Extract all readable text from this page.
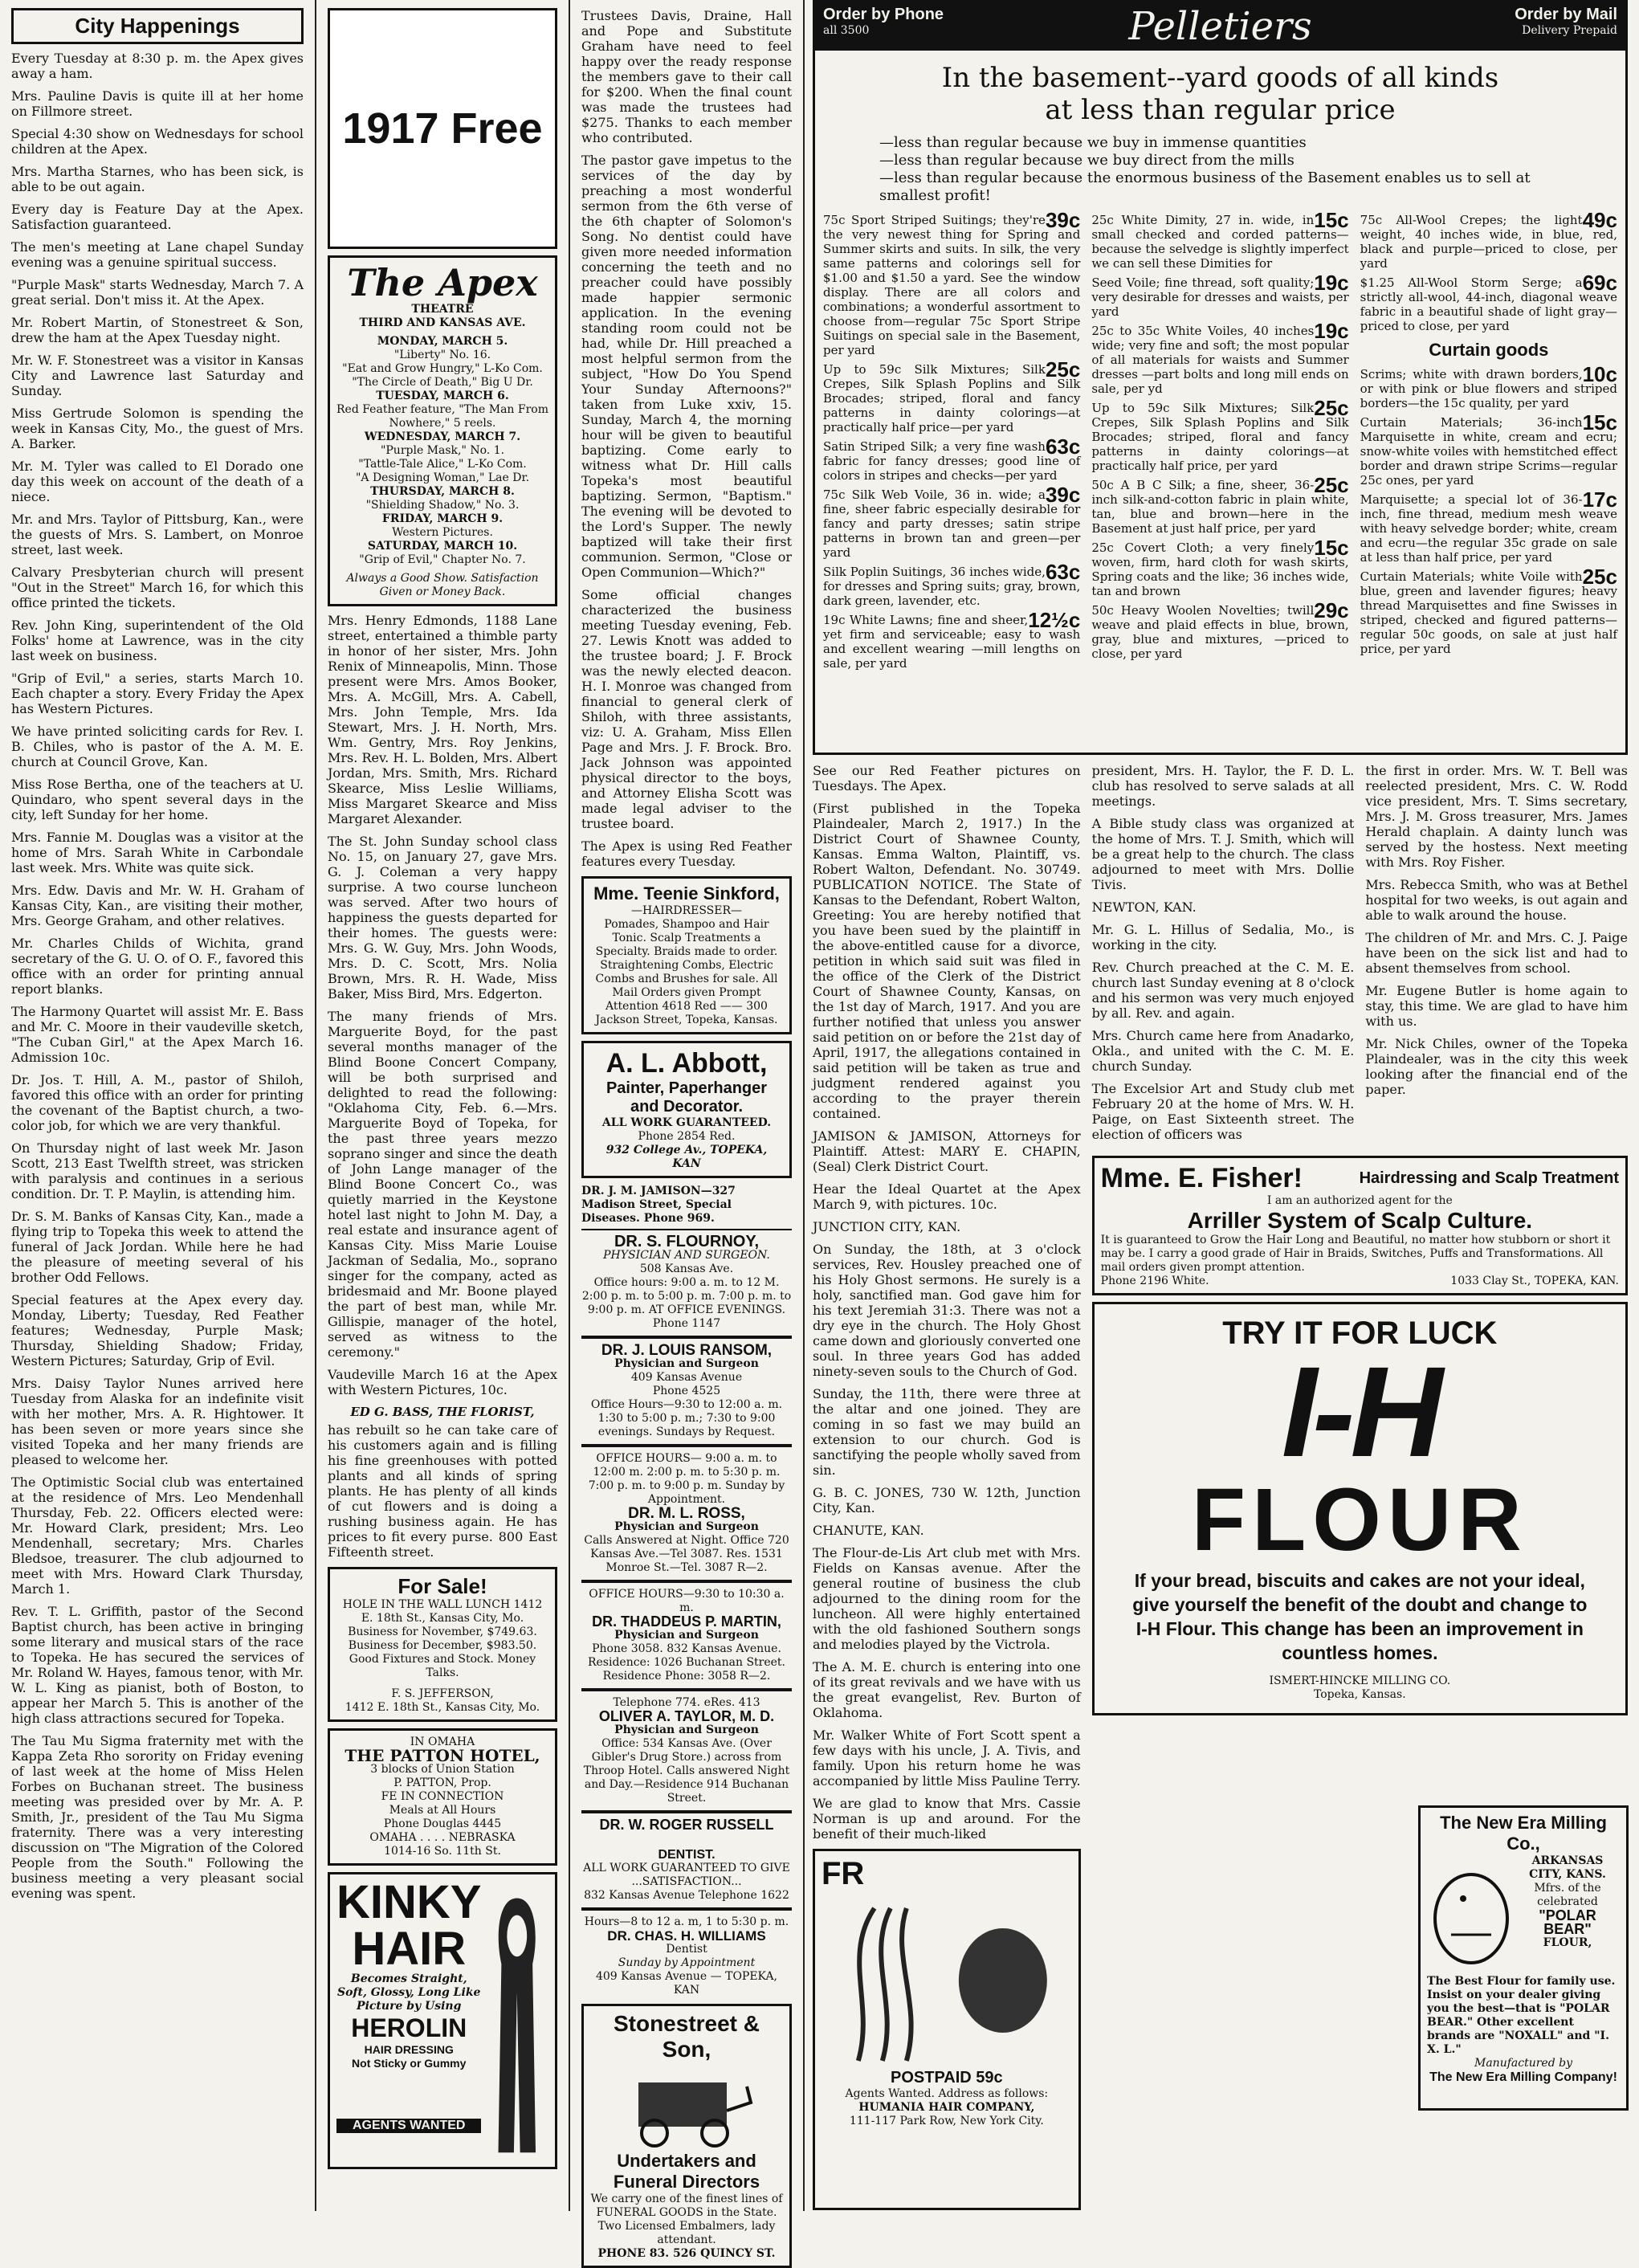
City Happenings

Every Tuesday at 8:30 p. m. the Apex gives away a ham.

Mrs. Pauline Davis is quite ill at her home on Fillmore street.

Special 4:30 show on Wednesdays for school children at the Apex.

Mrs. Martha Starnes, who has been sick, is able to be out again.

Every day is Feature Day at the Apex. Satisfaction guaranteed.

The men's meeting at Lane chapel Sunday evening was a genuine spiritual success.

"Purple Mask" starts Wednesday, March 7. A great serial. Don't miss it. At the Apex.

Mr. Robert Martin, of Stonestreet & Son, drew the ham at the Apex Tuesday night.

Mr. W. F. Stonestreet was a visitor in Kansas City and Lawrence last Saturday and Sunday.

Miss Gertrude Solomon is spending the week in Kansas City, Mo., the guest of Mrs. A. Barker.

Mr. M. Tyler was called to El Dorado one day this week on account of the death of a niece.

Mr. and Mrs. Taylor of Pittsburg, Kan., were the guests of Mrs. S. Lambert, on Monroe street, last week.

Calvary Presbyterian church will present "Out in the Street" March 16, for which this office printed the tickets.

Rev. John King, superintendent of the Old Folks' home at Lawrence, was in the city last week on business.

"Grip of Evil," a series, starts March 10. Each chapter a story. Every Friday the Apex has Western Pictures.

We have printed soliciting cards for Rev. I. B. Chiles, who is pastor of the A. M. E. church at Council Grove, Kan.

Miss Rose Bertha, one of the teachers at U. Quindaro, who spent several days in the city, left Sunday for her home.

Mrs. Fannie M. Douglas was a visitor at the home of Mrs. Sarah White in Carbondale last week. Mrs. White was quite sick.

Mrs. Edw. Davis and Mr. W. H. Graham of Kansas City, Kan., are visiting their mother, Mrs. George Graham, and other relatives.

Mr. Charles Childs of Wichita, grand secretary of the G. U. O. of O. F., favored this office with an order for printing annual report blanks.

The Harmony Quartet will assist Mr. E. Bass and Mr. C. Moore in their vaudeville sketch, "The Cuban Girl," at the Apex March 16. Admission 10c.

Dr. Jos. T. Hill, A. M., pastor of Shiloh, favored this office with an order for printing the covenant of the Baptist church, a two-color job, for which we are very thankful.

On Thursday night of last week Mr. Jason Scott, 213 East Twelfth street, was stricken with paralysis and continues in a serious condition. Dr. T. P. Maylin, is attending him.

Dr. S. M. Banks of Kansas City, Kan., made a flying trip to Topeka this week to attend the funeral of Jack Jordan. While here he had the pleasure of meeting several of his brother Odd Fellows.

Special features at the Apex every day. Monday, Liberty; Tuesday, Red Feather features; Wednesday, Purple Mask; Thursday, Shielding Shadow; Friday, Western Pictures; Saturday, Grip of Evil.

Mrs. Daisy Taylor Nunes arrived here Tuesday from Alaska for an indefinite visit with her mother, Mrs. A. R. Hightower. It has been seven or more years since she visited Topeka and her many friends are pleased to welcome her.

The Optimistic Social club was entertained at the residence of Mrs. Leo Mendenhall Thursday, Feb. 22. Officers elected were: Mr. Howard Clark, president; Mrs. Leo Mendenhall, secretary; Mrs. Charles Bledsoe, treasurer. The club adjourned to meet with Mrs. Howard Clark Thursday, March 1.

Rev. T. L. Griffith, pastor of the Second Baptist church, has been active in bringing some literary and musical stars of the race to Topeka. He has secured the services of Mr. Roland W. Hayes, famous tenor, with Mr. W. L. King as pianist, both of Boston, to appear her March 5. This is another of the high class attractions secured for Topeka.

The Tau Mu Sigma fraternity met with the Kappa Zeta Rho sorority on Friday evening of last week at the home of Miss Helen Forbes on Buchanan street. The business meeting was presided over by Mr. A. P. Smith, Jr., president of the Tau Mu Sigma fraternity. There was a very interesting discussion on "The Migration of the Colored People from the South." Following the business meeting a very pleasant social evening was spent.

1917 Free
The Apex
THEATRE
THIRD AND KANSAS AVE.
MONDAY, MARCH 5.
"Liberty" No. 16.
"Eat and Grow Hungry," L-Ko Com.
"The Circle of Death," Big U Dr.
TUESDAY, MARCH 6.
Red Feather feature, "The Man From Nowhere," 5 reels.
WEDNESDAY, MARCH 7.
"Purple Mask," No. 1.
"Tattle-Tale Alice," L-Ko Com.
"A Designing Woman," Lae Dr.
THURSDAY, MARCH 8.
"Shielding Shadow," No. 3.
FRIDAY, MARCH 9.
Western Pictures.
SATURDAY, MARCH 10.
"Grip of Evil," Chapter No. 7.
Always a Good Show. Satisfaction Given or Money Back.

Mrs. Henry Edmonds, 1188 Lane street, entertained a thimble party in honor of her sister, Mrs. John Renix of Minneapolis, Minn. Those present were Mrs. Amos Booker, Mrs. A. McGill, Mrs. A. Cabell, Mrs. John Temple, Mrs. Ida Stewart, Mrs. J. H. North, Mrs. Wm. Gentry, Mrs. Roy Jenkins, Mrs. Rev. H. L. Bolden, Mrs. Albert Jordan, Mrs. Smith, Mrs. Richard Skearce, Miss Leslie Williams, Miss Margaret Skearce and Miss Margaret Alexander.

The St. John Sunday school class No. 15, on January 27, gave Mrs. G. J. Coleman a very happy surprise. A two course luncheon was served. After two hours of happiness the guests departed for their homes. The guests were: Mrs. G. W. Guy, Mrs. John Woods, Mrs. D. C. Scott, Mrs. Nolia Brown, Mrs. R. H. Wade, Miss Baker, Miss Bird, Mrs. Edgerton.

The many friends of Mrs. Marguerite Boyd, for the past several months manager of the Blind Boone Concert Company, will be both surprised and delighted to read the following: "Oklahoma City, Feb. 6.—Mrs. Marguerite Boyd of Topeka, for the past three years mezzo soprano singer and since the death of John Lange manager of the Blind Boone Concert Co., was quietly married in the Keystone hotel last night to John M. Day, a real estate and insurance agent of Kansas City. Miss Marie Louise Jackman of Sedalia, Mo., soprano singer for the company, acted as bridesmaid and Mr. Boone played the part of best man, while Mr. Gillispie, manager of the hotel, served as witness to the ceremony."

Vaudeville March 16 at the Apex with Western Pictures, 10c.

ED G. BASS, THE FLORIST,

has rebuilt so he can take care of his customers again and is filling his fine greenhouses with potted plants and all kinds of spring plants. He has plenty of all kinds of cut flowers and is doing a rushing business again. He has prices to fit every purse. 800 East Fifteenth street.

For Sale!

HOLE IN THE WALL LUNCH 1412 E. 18th St., Kansas City, Mo. Business for November, $749.63. Business for December, $983.50. Good Fixtures and Stock. Money Talks.

F. S. JEFFERSON,
1412 E. 18th St., Kansas City, Mo.
IN OMAHA
THE PATTON HOTEL,
3 blocks of Union Station
P. PATTON, Prop.
FE IN CONNECTION
Meals at All Hours
Phone Douglas 4445
OMAHA . . . . NEBRASKA
1014-16 So. 11th St.
KINKY
HAIR
Becomes Straight, Soft, Glossy, Long Like Picture by Using
HEROLIN
HAIR DRESSING
Not Sticky or Gummy
AGENTS WANTED

Trustees Davis, Draine, Hall and Pope and Substitute Graham have need to feel happy over the ready response the members gave to their call for $200. When the final count was made the trustees had $275. Thanks to each member who contributed.

The pastor gave impetus to the services of the day by preaching a most wonderful sermon from the 6th verse of the 6th chapter of Solomon's Song. No dentist could have given more needed information concerning the teeth and no preacher could have possibly made happier sermonic application. In the evening standing room could not be had, while Dr. Hill preached a most helpful sermon from the subject, "How Do You Spend Your Sunday Afternoons?" taken from Luke xxiv, 15. Sunday, March 4, the morning hour will be given to beautiful baptizing. Come early to witness what Dr. Hill calls Topeka's most beautiful baptizing. Sermon, "Baptism." The evening will be devoted to the Lord's Supper. The newly baptized will take their first communion. Sermon, "Close or Open Communion—Which?"

Some official changes characterized the business meeting Tuesday evening, Feb. 27. Lewis Knott was added to the trustee board; J. F. Brock was the newly elected deacon. H. I. Monroe was changed from financial to general clerk of Shiloh, with three assistants, viz: U. A. Graham, Miss Ellen Page and Mrs. J. F. Brock. Bro. Jack Johnson was appointed physical director to the boys, and Attorney Elisha Scott was made legal adviser to the trustee board.

The Apex is using Red Feather features every Tuesday.

Mme. Teenie Sinkford,
—HAIRDRESSER—
Pomades, Shampoo and Hair Tonic. Scalp Treatments a Specialty. Braids made to order. Straightening Combs, Electric Combs and Brushes for sale. All Mail Orders given Prompt Attention 4618 Red —— 300 Jackson Street, Topeka, Kansas.
A. L. Abbott,
Painter, Paperhanger and Decorator.
ALL WORK GUARANTEED.
Phone 2854 Red.
932 College Av., TOPEKA, KAN
DR. J. M. JAMISON—327 Madison Street, Special Diseases. Phone 969.
DR. S. FLOURNOY,
PHYSICIAN AND SURGEON.
508 Kansas Ave.
Office hours: 9:00 a. m. to 12 M. 2:00 p. m. to 5:00 p. m. 7:00 p. m. to 9:00 p. m. AT OFFICE EVENINGS.
Phone 1147
DR. J. LOUIS RANSOM,
Physician and Surgeon
409 Kansas Avenue
Phone 4525
Office Hours—9:30 to 12:00 a. m. 1:30 to 5:00 p. m.; 7:30 to 9:00 evenings. Sundays by Request.
OFFICE HOURS— 9:00 a. m. to 12:00 m. 2:00 p. m. to 5:30 p. m. 7:00 p. m. to 9:00 p. m. Sunday by Appointment.
DR. M. L. ROSS,
Physician and Surgeon
Calls Answered at Night. Office 720 Kansas Ave.—Tel 3087. Res. 1531 Monroe St.—Tel. 3087 R—2.
OFFICE HOURS—9:30 to 10:30 a. m.
DR. THADDEUS P. MARTIN,
Physician and Surgeon
Phone 3058. 832 Kansas Avenue. Residence: 1026 Buchanan Street. Residence Phone: 3058 R—2.
Telephone 774. eRes. 413
OLIVER A. TAYLOR, M. D.
Physician and Surgeon
Office: 534 Kansas Ave. (Over Gibler's Drug Store.) across from Throop Hotel. Calls answered Night and Day.—Residence 914 Buchanan Street.
DR. W. ROGER RUSSELL
DENTIST.
ALL WORK GUARANTEED TO GIVE ...SATISFACTION...
832 Kansas Avenue Telephone 1622
Hours—8 to 12 a. m, 1 to 5:30 p. m.
DR. CHAS. H. WILLIAMS
Dentist
Sunday by Appointment
409 Kansas Avenue — TOPEKA, KAN
Stonestreet & Son,
Undertakers and Funeral Directors
We carry one of the finest lines of FUNERAL GOODS in the State. Two Licensed Embalmers, lady attendant.
PHONE 83. 526 QUINCY ST.
Order by Phone
all 3500	Pelletiers	Order by Mail
Delivery Prepaid
In the basement--yard goods of all kinds
at less than regular price
—less than regular because we buy in immense quantities
—less than regular because we buy direct from the mills
—less than regular because the enormous business of the Basement enables us to sell at smallest profit!
39c
75c Sport Striped Suitings; they're the very newest thing for Spring and Summer skirts and suits. In silk, the very same patterns and colorings sell for $1.00 and $1.50 a yard. See the window display. There are all colors and combinations; a wonderful assortment to choose from—regular 75c Sport Stripe Suitings on special sale in the Basement, per yard
25c
Up to 59c Silk Mixtures; Silk Crepes, Silk Splash Poplins and Silk Brocades; striped, floral and fancy patterns in dainty colorings—at practically half price—per yard
63c
Satin Striped Silk; a very fine wash fabric for fancy dresses; good line of colors in stripes and checks—per yard
39c
75c Silk Web Voile, 36 in. wide; a fine, sheer fabric especially desirable for fancy and party dresses; satin stripe patterns in brown tan and green—per yard
63c
Silk Poplin Suitings, 36 inches wide, for dresses and Spring suits; gray, brown, dark green, lavender, etc.
12½c
19c White Lawns; fine and sheer, yet firm and serviceable; easy to wash and excellent wearing —mill lengths on sale, per yard
15c
25c White Dimity, 27 in. wide, in small checked and corded patterns—because the selvedge is slightly imperfect we can sell these Dimities for
19c
Seed Voile; fine thread, soft quality; very desirable for dresses and waists, per yard
19c
25c to 35c White Voiles, 40 inches wide; very fine and soft; the most popular of all materials for waists and Summer dresses —part bolts and long mill ends on sale, per yd
25c
Up to 59c Silk Mixtures; Silk Crepes, Silk Splash Poplins and Silk Brocades; striped, floral and fancy patterns in dainty colorings—at practically half price, per yard
25c
50c A B C Silk; a fine, sheer, 36-inch silk-and-cotton fabric in plain white, tan, blue and brown—here in the Basement at just half price, per yard
15c
25c Covert Cloth; a very finely woven, firm, hard cloth for wash skirts, Spring coats and the like; 36 inches wide, tan and brown
29c
50c Heavy Woolen Novelties; twill weave and plaid effects in blue, brown, gray, blue and mixtures, —priced to close, per yard
49c
75c All-Wool Crepes; the light weight, 40 inches wide, in blue, red, black and purple—priced to close, per yard
69c
$1.25 All-Wool Storm Serge; a strictly all-wool, 44-inch, diagonal weave fabric in a beautiful shade of light gray—priced to close, per yard
Curtain goods
10c
Scrims; white with drawn borders, or with pink or blue flowers and striped borders—the 15c quality, per yard
15c
Curtain Materials; 36-inch Marquisette in white, cream and ecru; snow-white voiles with hemstitched effect border and drawn stripe Scrims—regular 25c ones, per yard
17c
Marquisette; a special lot of 36-inch, fine thread, medium mesh weave with heavy selvedge border; white, cream and ecru—the regular 35c grade on sale at less than half price, per yard
25c
Curtain Materials; white Voile with blue, green and lavender figures; heavy thread Marquisettes and fine Swisses in striped, checked and figured patterns—regular 50c goods, on sale at just half price, per yard

See our Red Feather pictures on Tuesdays. The Apex.

(First published in the Topeka Plaindealer, March 2, 1917.) In the District Court of Shawnee County, Kansas. Emma Walton, Plaintiff, vs. Robert Walton, Defendant. No. 30749. PUBLICATION NOTICE. The State of Kansas to the Defendant, Robert Walton, Greeting: You are hereby notified that you have been sued by the plaintiff in the above-entitled cause for a divorce, petition in which said suit was filed in the office of the Clerk of the District Court of Shawnee County, Kansas, on the 1st day of March, 1917. And you are further notified that unless you answer said petition on or before the 21st day of April, 1917, the allegations contained in said petition will be taken as true and judgment rendered against you according to the prayer therein contained.

JAMISON & JAMISON, Attorneys for Plaintiff. Attest: MARY E. CHAPIN, (Seal) Clerk District Court.

Hear the Ideal Quartet at the Apex March 9, with pictures. 10c.

JUNCTION CITY, KAN.

On Sunday, the 18th, at 3 o'clock services, Rev. Housley preached one of his Holy Ghost sermons. He surely is a holy, sanctified man. God gave him for his text Jeremiah 31:3. There was not a dry eye in the church. The Holy Ghost came down and gloriously converted one soul. In three years God has added ninety-seven souls to the Church of God.

Sunday, the 11th, there were three at the altar and one joined. They are coming in so fast we may build an extension to our church. God is sanctifying the people wholly saved from sin.

G. B. C. JONES, 730 W. 12th, Junction City, Kan.

CHANUTE, KAN.

The Flour-de-Lis Art club met with Mrs. Fields on Kansas avenue. After the general routine of business the club adjourned to the dining room for the luncheon. All were highly entertained with the old fashioned Southern songs and melodies played by the Victrola.

The A. M. E. church is entering into one of its great revivals and we have with us the great evangelist, Rev. Burton of Oklahoma.

Mr. Walker White of Fort Scott spent a few days with his uncle, J. A. Tivis, and family. Upon his return home he was accompanied by little Miss Pauline Terry.

We are glad to know that Mrs. Cassie Norman is up and around. For the benefit of their much-liked

FR
POSTPAID 59c
Agents Wanted. Address as follows:
HUMANIA HAIR COMPANY,
111-117 Park Row, New York City.

president, Mrs. H. Taylor, the F. D. L. club has resolved to serve salads at all meetings.

A Bible study class was organized at the home of Mrs. T. J. Smith, which will be a great help to the church. The class adjourned to meet with Mrs. Dollie Tivis.

NEWTON, KAN.

Mr. G. L. Hillus of Sedalia, Mo., is working in the city.

Rev. Church preached at the C. M. E. church last Sunday evening at 8 o'clock and his sermon was very much enjoyed by all. Rev. and again.

Mrs. Church came here from Anadarko, Okla., and united with the C. M. E. church Sunday.

The Excelsior Art and Study club met February 20 at the home of Mrs. W. H. Paige, on East Sixteenth street. The election of officers was

the first in order. Mrs. W. T. Bell was reelected president, Mrs. C. W. Rodd vice president, Mrs. T. Sims secretary, Mrs. J. M. Gross treasurer, Mrs. James Herald chaplain. A dainty lunch was served by the hostess. Next meeting with Mrs. Roy Fisher.

Mrs. Rebecca Smith, who was at Bethel hospital for two weeks, is out again and able to walk around the house.

The children of Mr. and Mrs. C. J. Paige have been on the sick list and had to absent themselves from school.

Mr. Eugene Butler is home again to stay, this time. We are glad to have him with us.

Mr. Nick Chiles, owner of the Topeka Plaindealer, was in the city this week looking after the financial end of the paper.

Mme. E. Fisher!	Hairdressing and Scalp Treatment
I am an authorized agent for the
Arriller System of Scalp Culture.
It is guaranteed to Grow the Hair Long and Beautiful, no matter how stubborn or short it may be. I carry a good grade of Hair in Braids, Switches, Puffs and Transformations. All mail orders given prompt attention.
Phone 2196 White.	1033 Clay St., TOPEKA, KAN.
TRY IT FOR LUCK
I-H
FLOUR
If your bread, biscuits and cakes are not your ideal, give yourself the benefit of the doubt and change to I-H Flour. This change has been an improvement in countless homes.
ISMERT-HINCKE MILLING CO.
Topeka, Kansas.
The New Era Milling Co.,
ARKANSAS CITY, KANS.
Mfrs. of the celebrated
"POLAR BEAR"
FLOUR,
The Best Flour for family use. Insist on your dealer giving you the best—that is "POLAR BEAR." Other excellent brands are "NOXALL" and "I. X. L."
Manufactured by
The New Era Milling Company!
